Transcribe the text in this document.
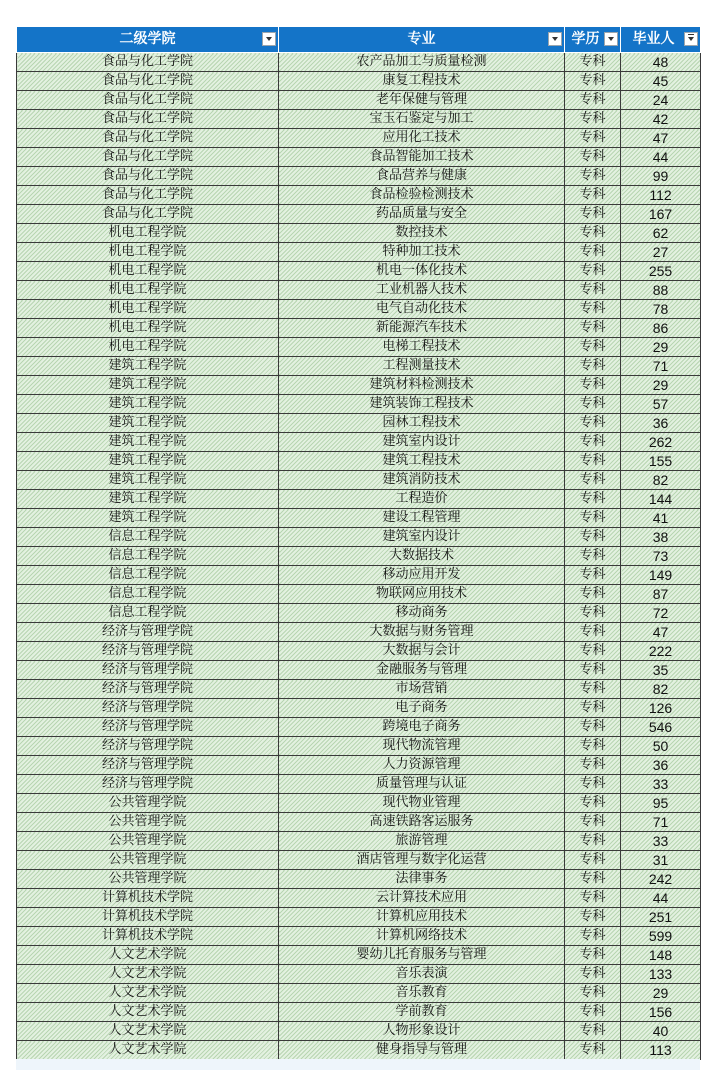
二级学院	专业	学历	毕业人

食品与化工学院	农产品加工与质量检测	专科	48
食品与化工学院	康复工程技术	专科	45
食品与化工学院	老年保健与管理	专科	24
食品与化工学院	宝玉石鉴定与加工	专科	42
食品与化工学院	应用化工技术	专科	47
食品与化工学院	食品智能加工技术	专科	44
食品与化工学院	食品营养与健康	专科	99
食品与化工学院	食品检验检测技术	专科	112
食品与化工学院	药品质量与安全	专科	167
机电工程学院	数控技术	专科	62
机电工程学院	特种加工技术	专科	27
机电工程学院	机电一体化技术	专科	255
机电工程学院	工业机器人技术	专科	88
机电工程学院	电气自动化技术	专科	78
机电工程学院	新能源汽车技术	专科	86
机电工程学院	电梯工程技术	专科	29
建筑工程学院	工程测量技术	专科	71
建筑工程学院	建筑材料检测技术	专科	29
建筑工程学院	建筑装饰工程技术	专科	57
建筑工程学院	园林工程技术	专科	36
建筑工程学院	建筑室内设计	专科	262
建筑工程学院	建筑工程技术	专科	155
建筑工程学院	建筑消防技术	专科	82
建筑工程学院	工程造价	专科	144
建筑工程学院	建设工程管理	专科	41
信息工程学院	建筑室内设计	专科	38
信息工程学院	大数据技术	专科	73
信息工程学院	移动应用开发	专科	149
信息工程学院	物联网应用技术	专科	87
信息工程学院	移动商务	专科	72
经济与管理学院	大数据与财务管理	专科	47
经济与管理学院	大数据与会计	专科	222
经济与管理学院	金融服务与管理	专科	35
经济与管理学院	市场营销	专科	82
经济与管理学院	电子商务	专科	126
经济与管理学院	跨境电子商务	专科	546
经济与管理学院	现代物流管理	专科	50
经济与管理学院	人力资源管理	专科	36
经济与管理学院	质量管理与认证	专科	33
公共管理学院	现代物业管理	专科	95
公共管理学院	高速铁路客运服务	专科	71
公共管理学院	旅游管理	专科	33
公共管理学院	酒店管理与数字化运营	专科	31
公共管理学院	法律事务	专科	242
计算机技术学院	云计算技术应用	专科	44
计算机技术学院	计算机应用技术	专科	251
计算机技术学院	计算机网络技术	专科	599
人文艺术学院	婴幼儿托育服务与管理	专科	148
人文艺术学院	音乐表演	专科	133
人文艺术学院	音乐教育	专科	29
人文艺术学院	学前教育	专科	156
人文艺术学院	人物形象设计	专科	40
人文艺术学院	健身指导与管理	专科	113
